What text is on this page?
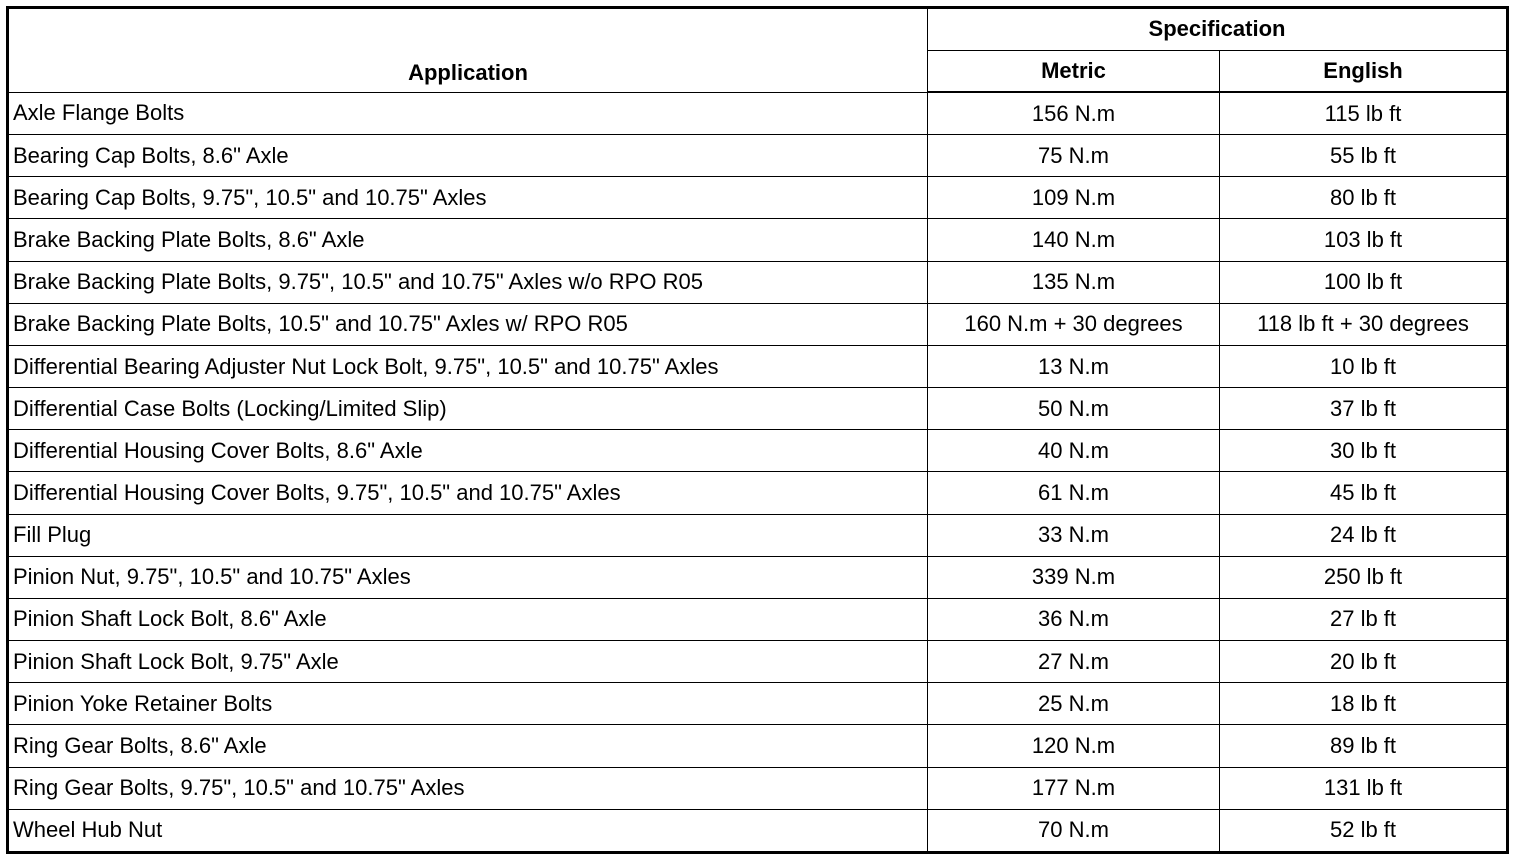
Application	Specification	
	Metric	English
Axle Flange Bolts	156 N.m	115 lb ft
Bearing Cap Bolts, 8.6" Axle	75 N.m	55 lb ft
Bearing Cap Bolts, 9.75", 10.5" and 10.75" Axles	109 N.m	80 lb ft
Brake Backing Plate Bolts, 8.6" Axle	140 N.m	103 lb ft
Brake Backing Plate Bolts, 9.75", 10.5" and 10.75" Axles w/o RPO R05	135 N.m	100 lb ft
Brake Backing Plate Bolts, 10.5" and 10.75" Axles w/ RPO R05	160 N.m + 30 degrees	118 lb ft + 30 degrees
Differential Bearing Adjuster Nut Lock Bolt, 9.75", 10.5" and 10.75" Axles	13 N.m	10 lb ft
Differential Case Bolts (Locking/Limited Slip)	50 N.m	37 lb ft
Differential Housing Cover Bolts, 8.6" Axle	40 N.m	30 lb ft
Differential Housing Cover Bolts, 9.75", 10.5" and 10.75" Axles	61 N.m	45 lb ft
Fill Plug	33 N.m	24 lb ft
Pinion Nut, 9.75", 10.5" and 10.75" Axles	339 N.m	250 lb ft
Pinion Shaft Lock Bolt, 8.6" Axle	36 N.m	27 lb ft
Pinion Shaft Lock Bolt, 9.75" Axle	27 N.m	20 lb ft
Pinion Yoke Retainer Bolts	25 N.m	18 lb ft
Ring Gear Bolts, 8.6" Axle	120 N.m	89 lb ft
Ring Gear Bolts, 9.75", 10.5" and 10.75" Axles	177 N.m	131 lb ft
Wheel Hub Nut	70 N.m	52 lb ft
